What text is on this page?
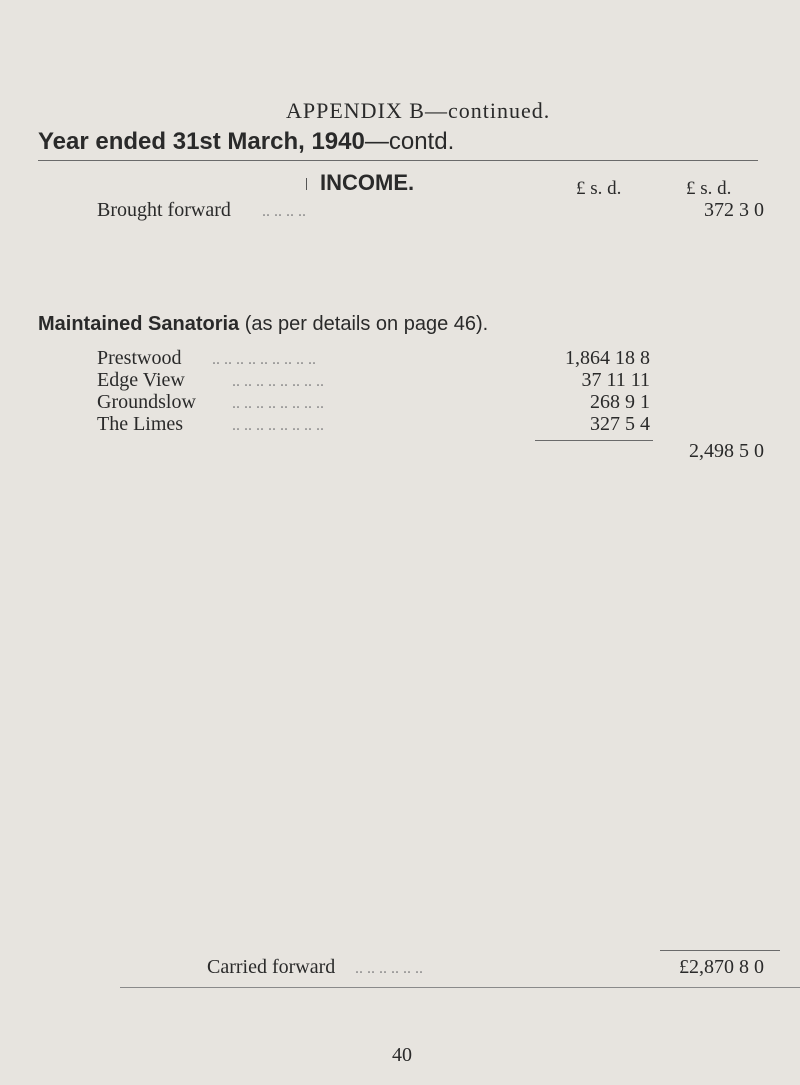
APPENDIX B—continued.
Year ended 31st March, 1940—contd.
INCOME.	£ s. d.	£ s. d.
Brought forward .. .. .. ..	372 3 0
Maintained Sanatoria (as per details on page 46).
Prestwood .. .. .. .. .. .. .. .. ..	1,864 18 8
Edge View	.. .. .. .. .. .. .. ..	37 11 11
Groundslow .. .. .. .. .. .. .. ..	268 9 1
The Limes	.. .. .. .. .. .. .. ..	327 5 4
2,498 5 0
Carried forward .. .. .. .. .. ..	£2,870 8 0
40
